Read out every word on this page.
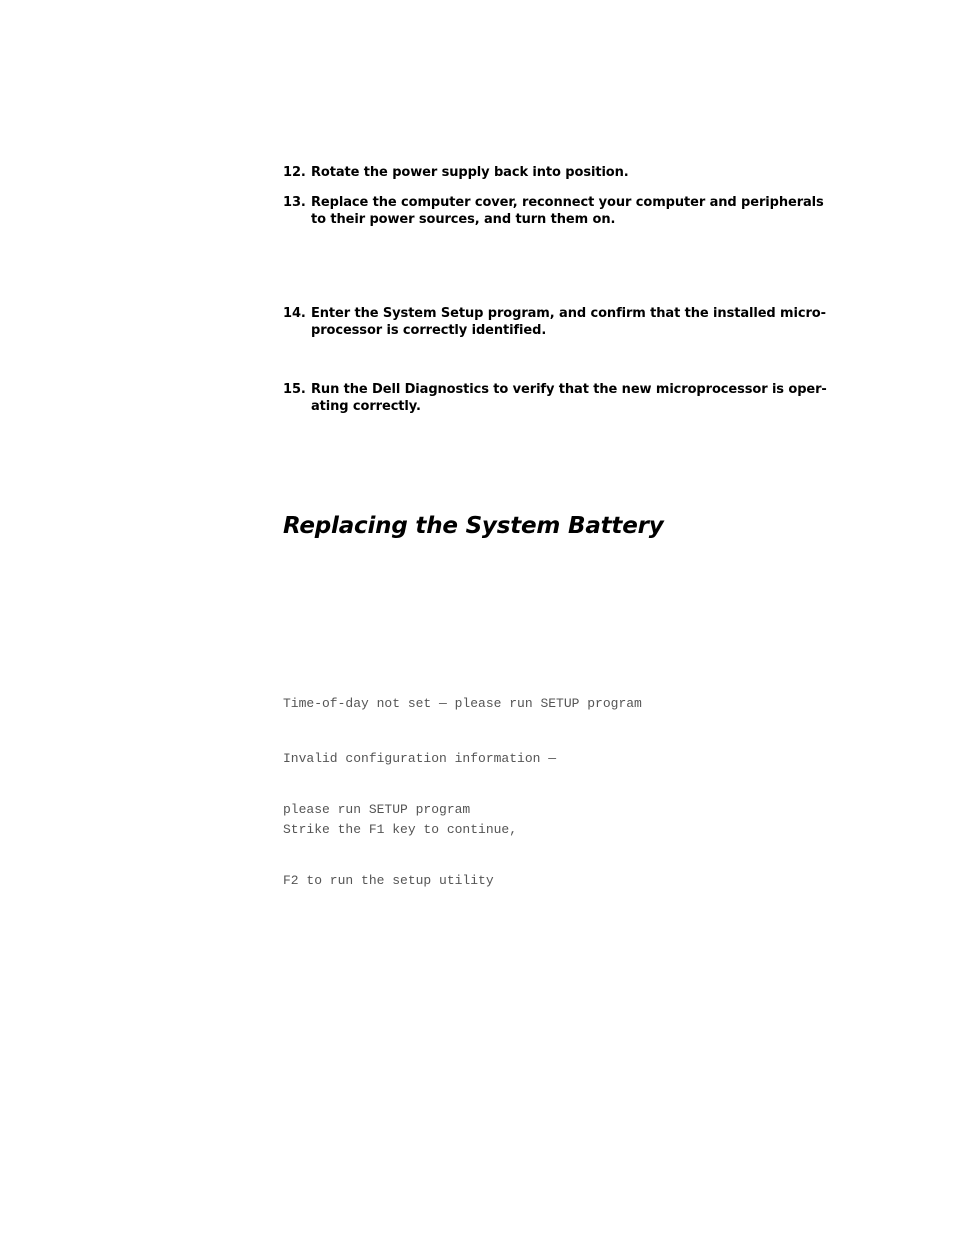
12. Rotate the power supply back into position.
13. Replace the computer cover, reconnect your computer and peripherals
to their power sources, and turn them on.
14. Enter the System Setup program, and confirm that the installed micro-
processor is correctly identified.
15. Run the Dell Diagnostics to verify that the new microprocessor is oper-
ating correctly.
Replacing the System Battery

Time-of-day not set — please run SETUP program

Invalid configuration information —

please run SETUP program

Strike the F1 key to continue,

F2 to run the setup utility
